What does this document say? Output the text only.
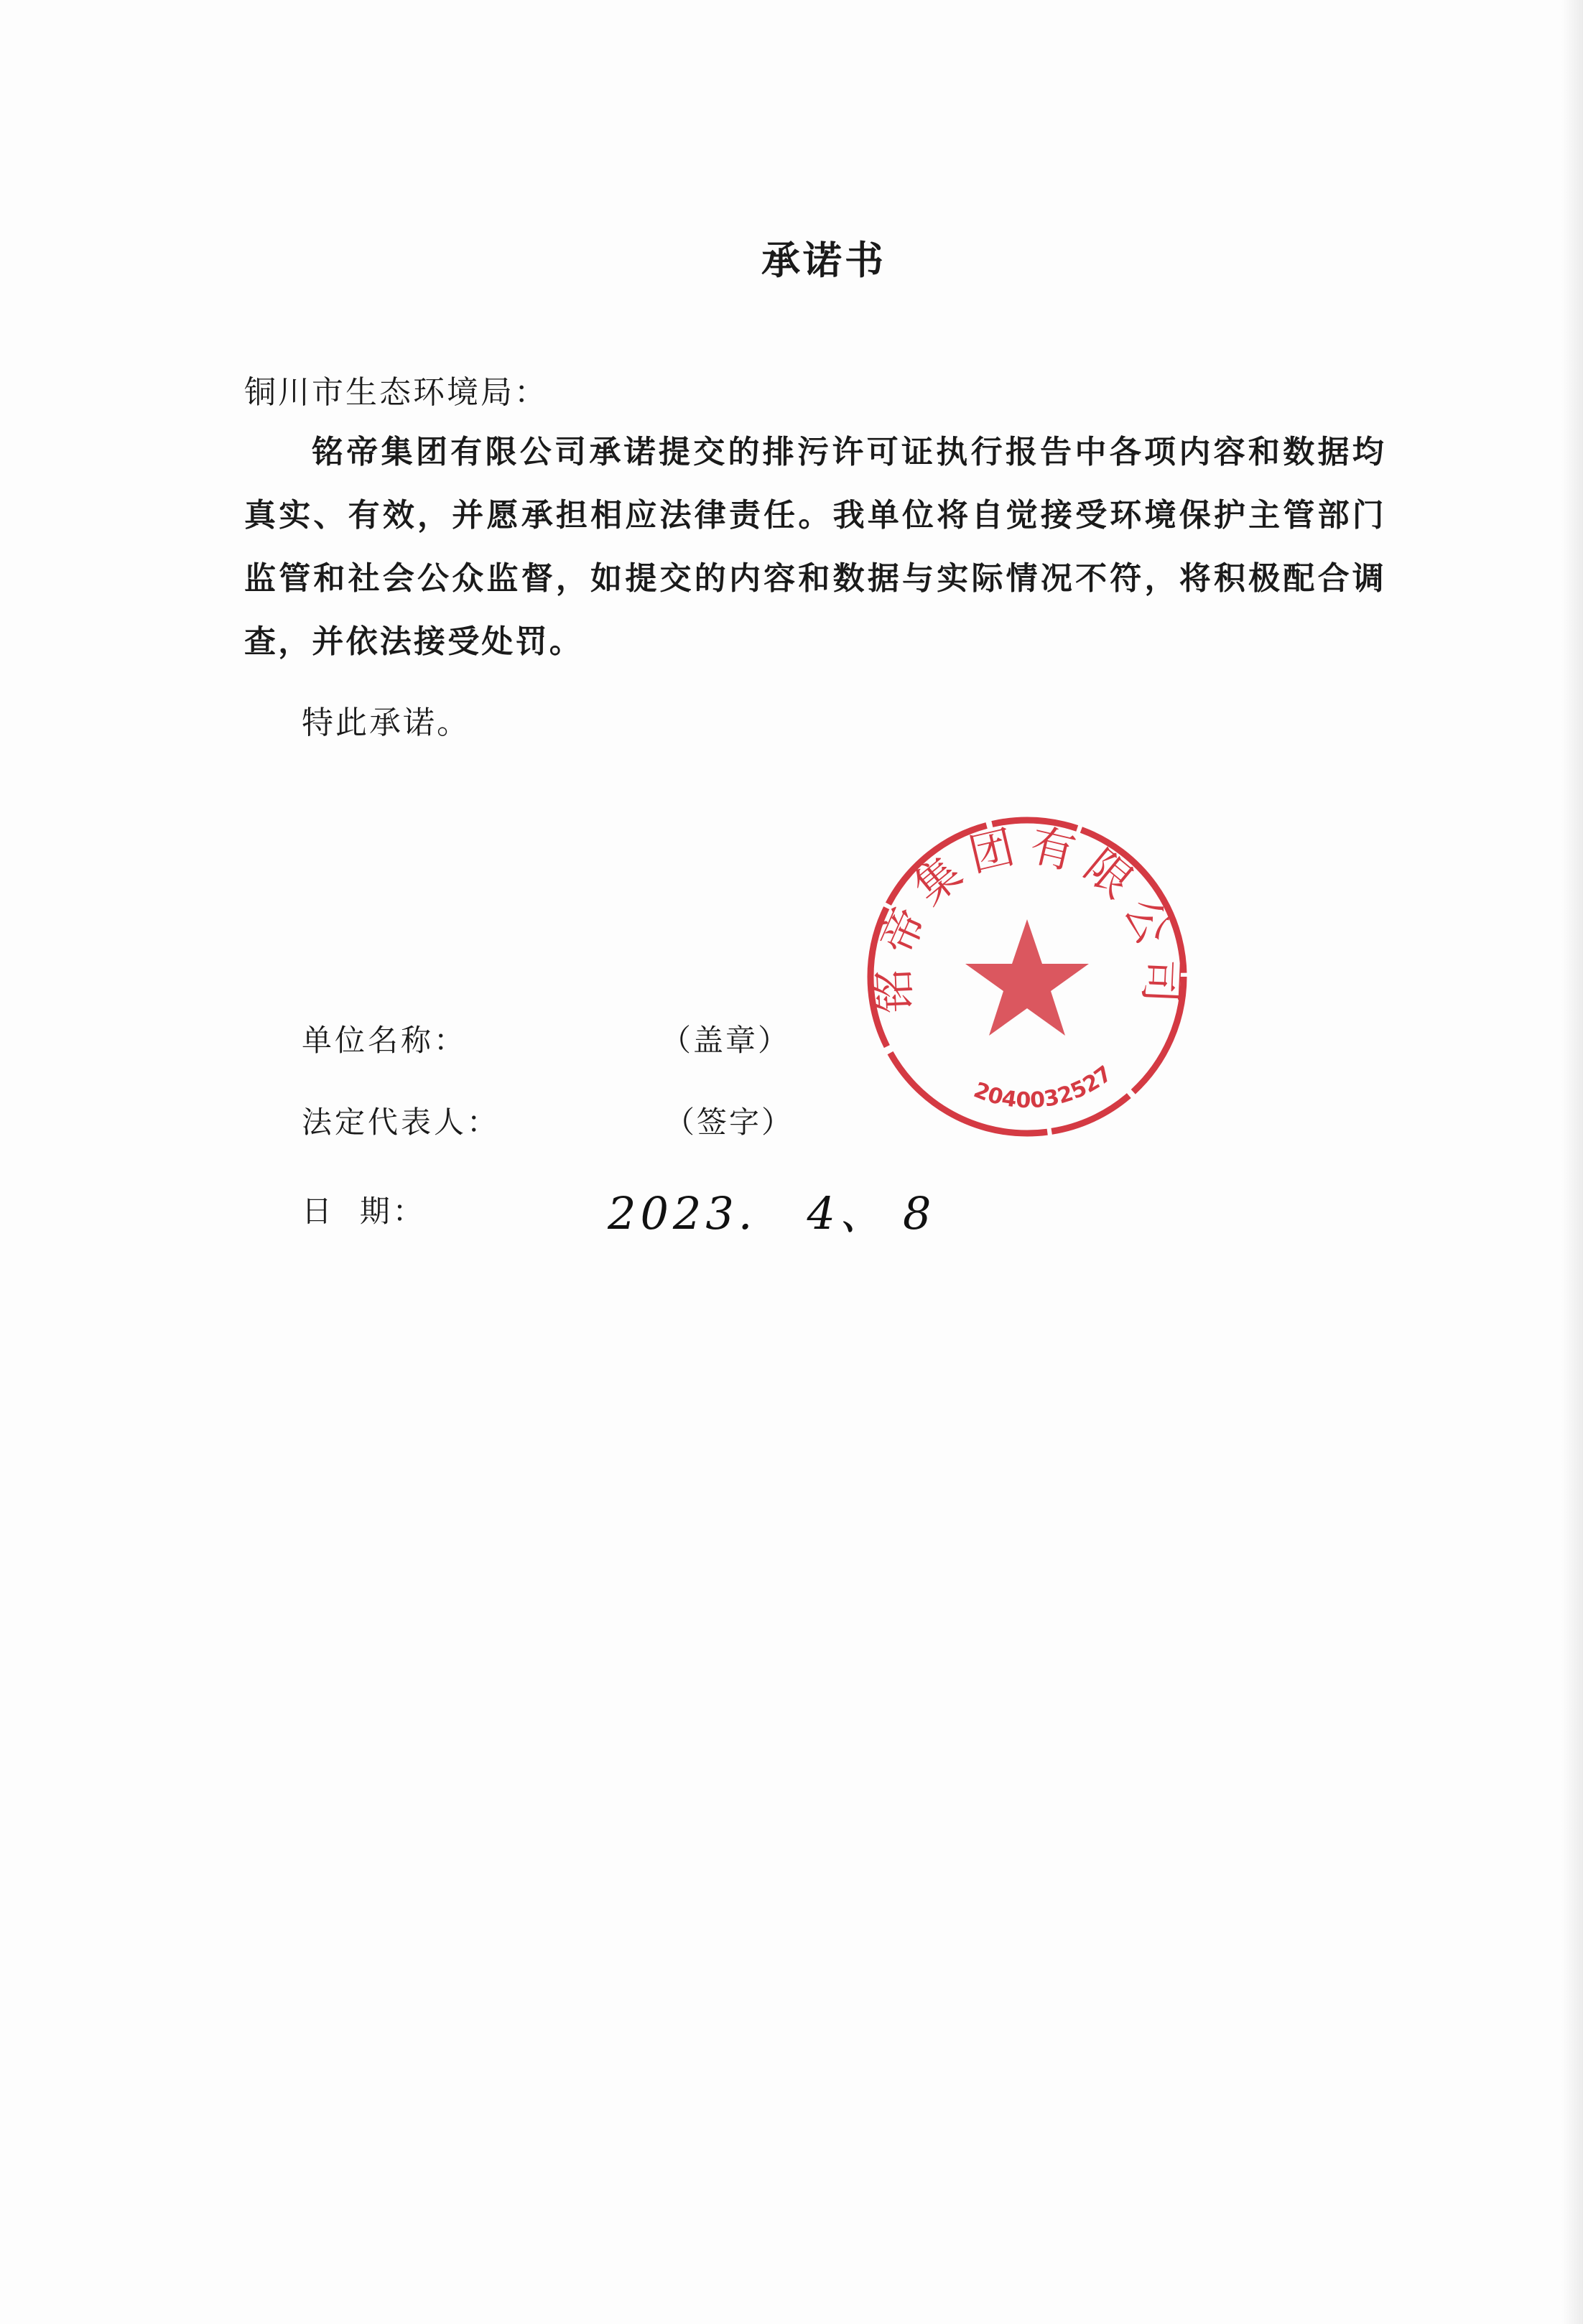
承诺书
铜川市生态环境局：
铭帝集团有限公司承诺提交的排污许可证执行报告中各项内容和数据均真实、有效，并愿承担相应法律责任。我单位将自觉接受环境保护主管部门监管和社会公众监督，如提交的内容和数据与实际情况不符，将积极配合调查，并依法接受处罚。
特此承诺。
单位名称：	（盖章）
法定代表人：	（签字）
日  期：	2023. 4、 8
铭帝集团有限公司
2040032527
